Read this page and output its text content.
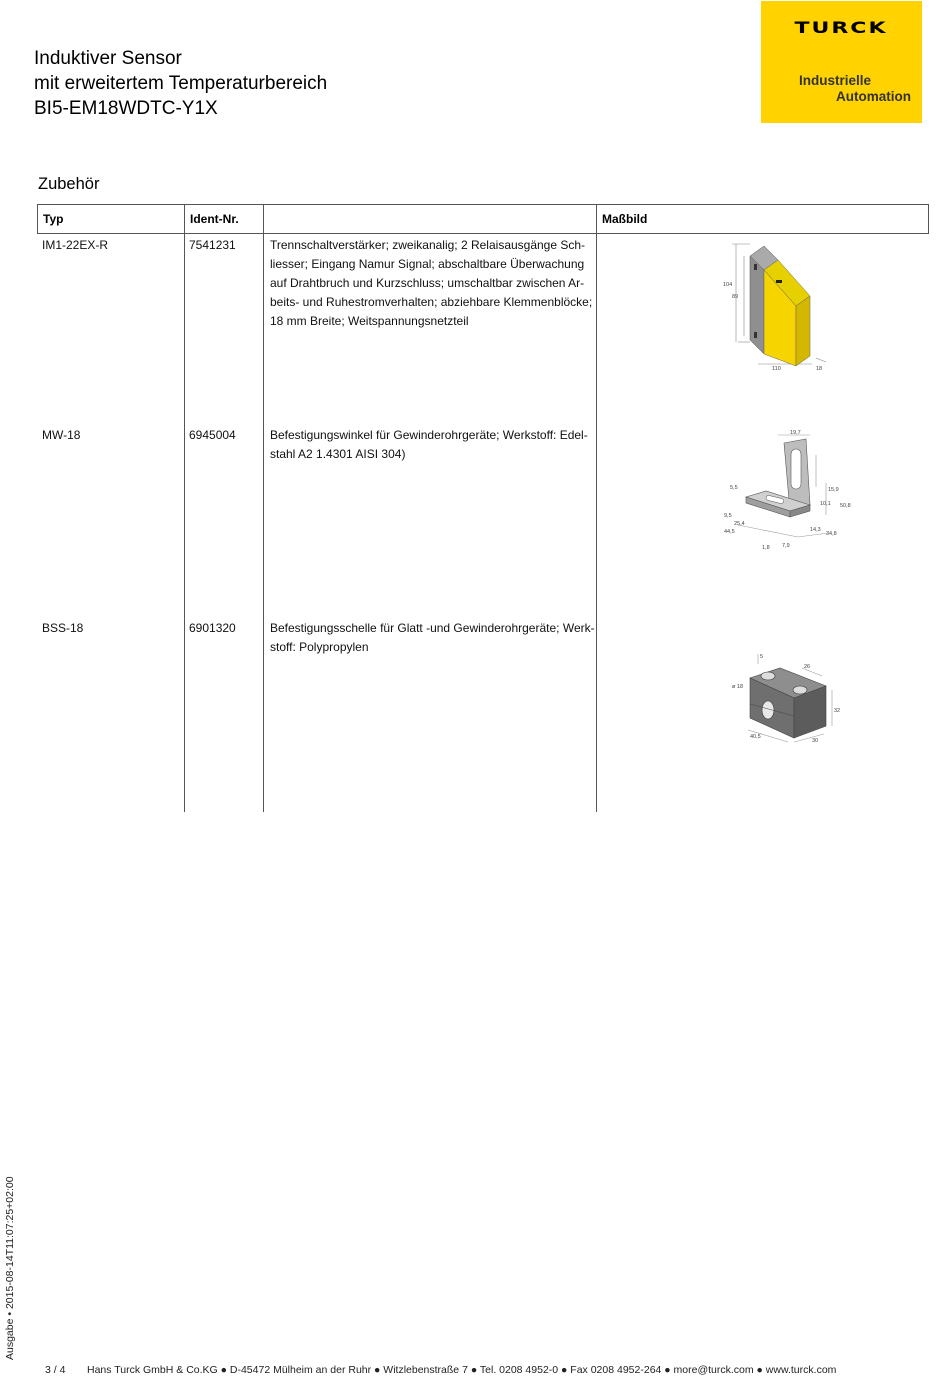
Induktiver Sensor

mit erweitertem Temperaturbereich

BI5-EM18WDTC-Y1X

TURCK
Industrielle
Automation
Zubehör
Typ	Ident-Nr.	Maßbild
IM1-22EX-R	7541231	Trennschaltverstärker; zweikanalig; 2 Relaisausgänge Sch-
liesser; Eingang Namur Signal; abschaltbare Überwachung
auf Drahtbruch und Kurzschluss; umschaltbar zwischen Ar-
beits- und Ruhestromverhalten; abziehbare Klemmenblöcke;
18 mm Breite; Weitspannungsnetzteil
MW-18	6945004	Befestigungswinkel für Gewinderohrgeräte; Werkstoff: Edel-
stahl A2 1.4301 AISI 304)
BSS-18	6901320	Befestigungsschelle für Glatt -und Gewinderohrgeräte; Werk-
stoff: Polypropylen
104
89
110	18
19,7
15,9
5,5
10,1 50,8
9,5
25,4
44,5	14,3
34,8
1,8 7,9
5
26
ø 18
32
40,5
30
Ausgabe • 2015-08-14T11:07:25+02:00
3 / 4 Hans Turck GmbH & Co.KG ● D-45472 Mülheim an der Ruhr ● Witzlebenstraße 7 ● Tel. 0208 4952-0 ● Fax 0208 4952-264 ● more@turck.com ● www.turck.com
